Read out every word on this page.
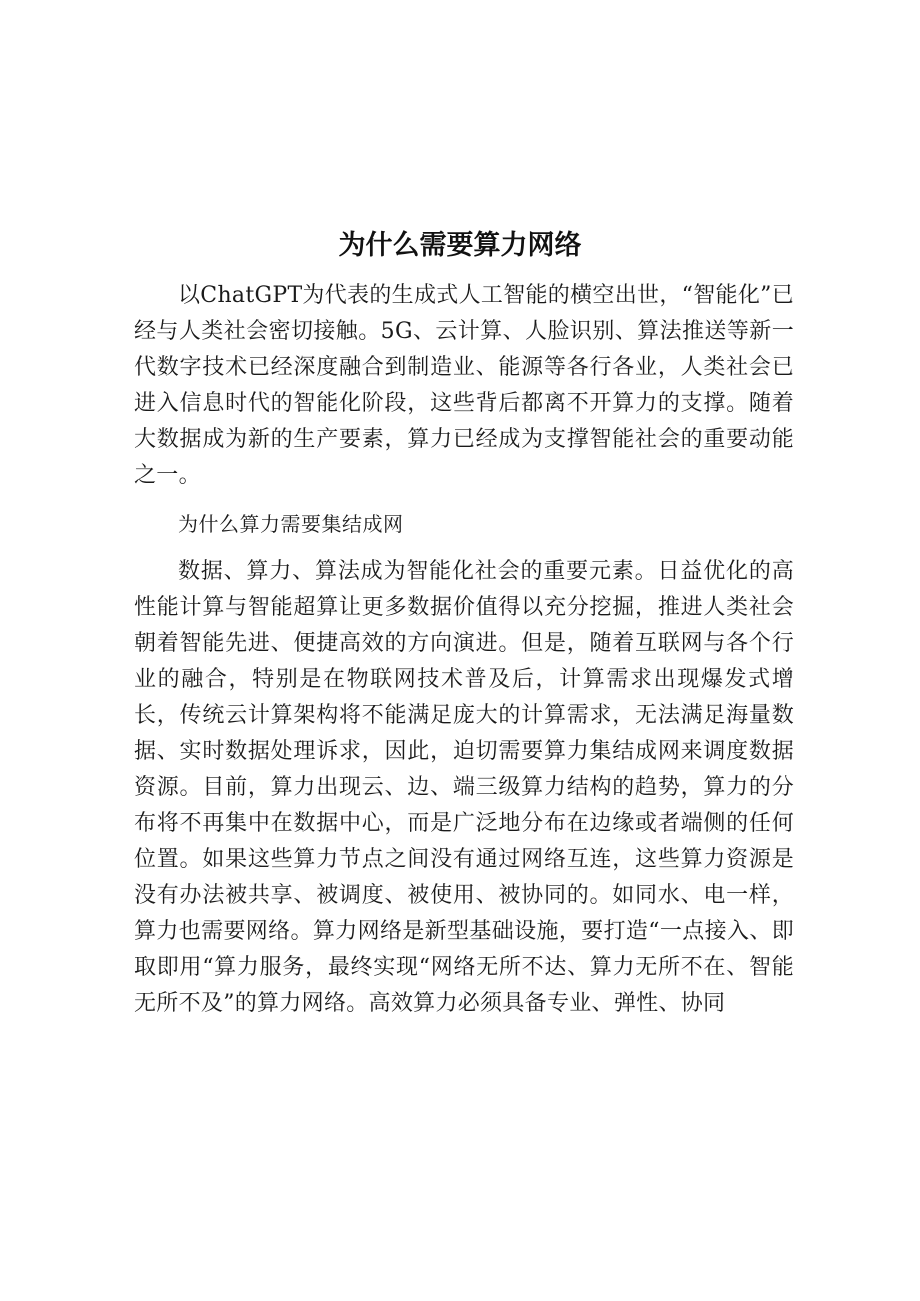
为什么需要算力网络

以ChatGPT为代表的生成式人工智能的横空出世，“智能化”已经与人类社会密切接触。5G、云计算、人脸识别、算法推送等新一代数字技术已经深度融合到制造业、能源等各行各业，人类社会已进入信息时代的智能化阶段，这些背后都离不开算力的支撑。随着大数据成为新的生产要素，算力已经成为支撑智能社会的重要动能之一。

为什么算力需要集结成网

数据、算力、算法成为智能化社会的重要元素。日益优化的高性能计算与智能超算让更多数据价值得以充分挖掘，推进人类社会朝着智能先进、便捷高效的方向演进。但是，随着互联网与各个行业的融合，特别是在物联网技术普及后，计算需求出现爆发式增长，传统云计算架构将不能满足庞大的计算需求，无法满足海量数据、实时数据处理诉求，因此，迫切需要算力集结成网来调度数据资源。目前，算力出现云、边、端三级算力结构的趋势，算力的分布将不再集中在数据中心，而是广泛地分布在边缘或者端侧的任何位置。如果这些算力节点之间没有通过网络互连，这些算力资源是没有办法被共享、被调度、被使用、被协同的。如同水、电一样，算力也需要网络。算力网络是新型基础设施，要打造“一点接入、即取即用“算力服务，最终实现“网络无所不达、算力无所不在、智能无所不及”的算力网络。高效算力必须具备专业、弹性、协同
